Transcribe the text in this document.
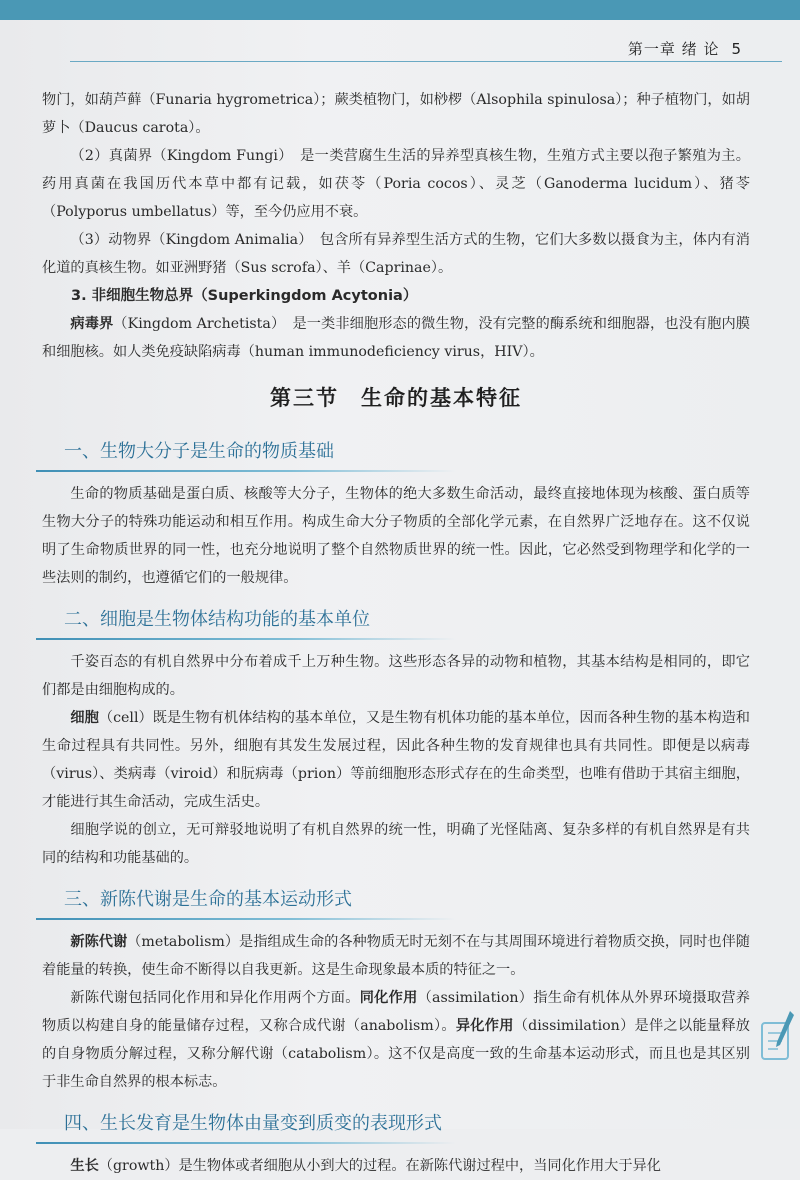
第一章 绪 论 5

物门，如葫芦藓（Funaria hygrometrica）；蕨类植物门，如桫椤（Alsophila spinulosa）；种子植物门，如胡萝卜（Daucus carota）。

（2）真菌界（Kingdom Fungi）　是一类营腐生生活的异养型真核生物，生殖方式主要以孢子繁殖为主。药用真菌在我国历代本草中都有记载，如茯苓（Poria cocos）、灵芝（Ganoderma lucidum）、猪苓（Polyporus umbellatus）等，至今仍应用不衰。

（3）动物界（Kingdom Animalia）　包含所有异养型生活方式的生物，它们大多数以摄食为主，体内有消化道的真核生物。如亚洲野猪（Sus scrofa）、羊（Caprinae）。

3. 非细胞生物总界（Superkingdom Acytonia）

病毒界（Kingdom Archetista）　是一类非细胞形态的微生物，没有完整的酶系统和细胞器，也没有胞内膜和细胞核。如人类免疫缺陷病毒（human immunodeficiency virus，HIV）。

第三节 生命的基本特征
一、生物大分子是生命的物质基础

生命的物质基础是蛋白质、核酸等大分子，生物体的绝大多数生命活动，最终直接地体现为核酸、蛋白质等生物大分子的特殊功能运动和相互作用。构成生命大分子物质的全部化学元素，在自然界广泛地存在。这不仅说明了生命物质世界的同一性，也充分地说明了整个自然物质世界的统一性。因此，它必然受到物理学和化学的一些法则的制约，也遵循它们的一般规律。

二、细胞是生物体结构功能的基本单位

千姿百态的有机自然界中分布着成千上万种生物。这些形态各异的动物和植物，其基本结构是相同的，即它们都是由细胞构成的。

细胞（cell）既是生物有机体结构的基本单位，又是生物有机体功能的基本单位，因而各种生物的基本构造和生命过程具有共同性。另外，细胞有其发生发展过程，因此各种生物的发育规律也具有共同性。即便是以病毒（virus）、类病毒（viroid）和朊病毒（prion）等前细胞形态形式存在的生命类型，也唯有借助于其宿主细胞，才能进行其生命活动，完成生活史。

细胞学说的创立，无可辩驳地说明了有机自然界的统一性，明确了光怪陆离、复杂多样的有机自然界是有共同的结构和功能基础的。

三、新陈代谢是生命的基本运动形式

新陈代谢（metabolism）是指组成生命的各种物质无时无刻不在与其周围环境进行着物质交换，同时也伴随着能量的转换，使生命不断得以自我更新。这是生命现象最本质的特征之一。

新陈代谢包括同化作用和异化作用两个方面。同化作用（assimilation）指生命有机体从外界环境摄取营养物质以构建自身的能量储存过程，又称合成代谢（anabolism）。异化作用（dissimilation）是伴之以能量释放的自身物质分解过程，又称分解代谢（catabolism）。这不仅是高度一致的生命基本运动形式，而且也是其区别于非生命自然界的根本标志。

四、生长发育是生物体由量变到质变的表现形式

生长（growth）是生物体或者细胞从小到大的过程。在新陈代谢过程中，当同化作用大于异化
